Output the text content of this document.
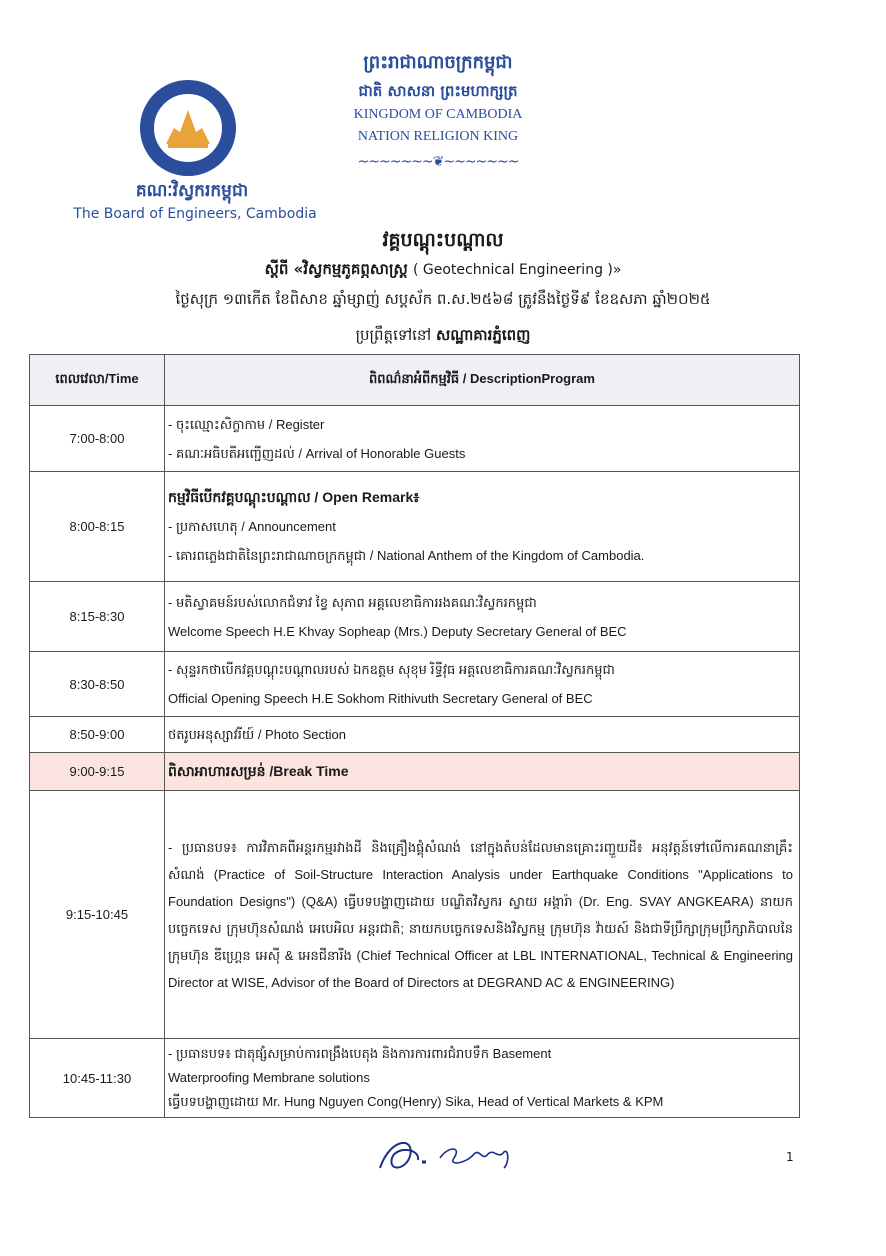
គណៈវិស្វករកម្ពុជា
The Board of Engineers, Cambodia
ព្រះរាជាណាចក្រកម្ពុជា
ជាតិ សាសនា ព្រះមហាក្សត្រ
KINGDOM OF CAMBODIA
NATION RELIGION KING
~~~~~~~❦~~~~~~~
វគ្គបណ្តុះបណ្តាល
ស្តីពី «វិស្វកម្មភូគព្ភសាស្ត្រ ( Geotechnical Engineering )»
ថ្ងៃសុក្រ ១៣កើត ខែពិសាខ ឆ្នាំម្សាញ់ សប្តស័ក ព.ស.២៥៦៨ ត្រូវនឹងថ្ងៃទី៩ ខែឧសភា ឆ្នាំ២០២៥
ប្រព្រឹត្តទៅនៅ សណ្ឋាគារភ្នំពេញ
ពេលវេលា/Time	ពិពណ៌នាអំពីកម្មវិធី / DescriptionProgram
7:00-8:00	- ចុះឈ្មោះសិក្ខាកាម / Register
- គណៈអធិបតីអញ្ជើញដល់ / Arrival of Honorable Guests

8:00-8:15	កម្មវិធីបើកវគ្គបណ្តុះបណ្តាល / Open Remark៖
- ប្រកាសហេតុ / Announcement
- គោរពភ្លេងជាតិនៃព្រះរាជាណាចក្រកម្ពុជា / National Anthem of the Kingdom of Cambodia.

8:15-8:30	- មតិស្វាគមន៍របស់លោកជំទាវ ខ្វៃ សុភាព អគ្គលេខាធិការរងគណៈវិស្វករកម្ពុជា
Welcome Speech H.E Khvay Sopheap (Mrs.) Deputy Secretary General of BEC

8:30-8:50	- សុន្ទរកថាបើកវគ្គបណ្តុះបណ្តាលរបស់ ឯកឧត្តម សុខុម រិទ្ធីវុធ អគ្គលេខាធិការគណៈវិស្វករកម្ពុជា
Official Opening Speech H.E Sokhom Rithivuth Secretary General of BEC

8:50-9:00	ថតរូបអនុស្សាវរីយ៍ / Photo Section

9:00-9:15	ពិសាអាហារសម្រន់ /Break Time

9:15-10:45	- ប្រធានបទ៖ ការវិភាគពីអន្តរកម្មរវាងដី និងគ្រឿងផ្គុំសំណង់ នៅក្នុងតំបន់ដែលមានគ្រោះរញ្ជួយដី៖ អនុវត្តន៍ទៅលើការគណនាគ្រឹះសំណង់ (Practice of Soil-Structure Interaction Analysis under Earthquake Conditions "Applications to Foundation Designs") (Q&A) ធ្វើបទបង្ហាញដោយ បណ្ឌិតវិស្វករ ស្វាយ អង្គារ៉ា (Dr. Eng. SVAY ANGKEARA) នាយកបច្ចេកទេស ក្រុមហ៊ុនសំណង់ អេបេអិល អន្តរជាតិ; នាយកបច្ចេកទេសនិងវិស្វកម្ម ក្រុមហ៊ុន វ៉ាយស៍ និងជាទីប្រឹក្សាក្រុមប្រឹក្សាភិបាលនៃក្រុមហ៊ុន ឌីហ្គ្រេន អេស៊ី & អេនជីនារីង (Chief Technical Officer at LBL INTERNATIONAL, Technical & Engineering Director at WISE, Advisor of the Board of Directors at DEGRAND AC & ENGINEERING)

10:45-11:30	- ប្រធានបទ៖ ជាតុផ្សំសម្រាប់ការពង្រឹងបេតុង និងការការពារជំរាបទឹក Basement
Waterproofing Membrane solutions
ធ្វើបទបង្ហាញដោយ Mr. Hung Nguyen Cong(Henry) Sika, Head of Vertical Markets & KPM
1
